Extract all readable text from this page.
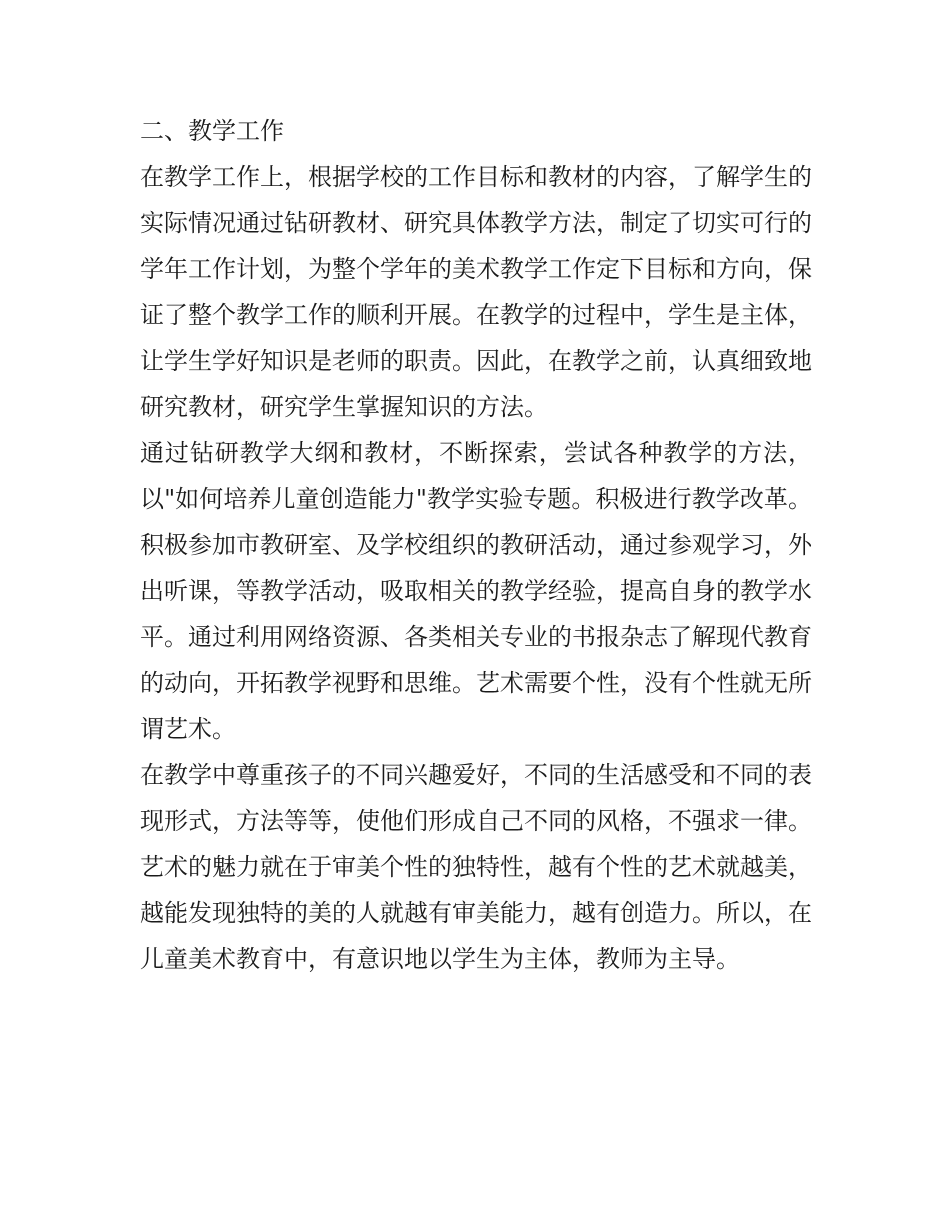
二、教学工作

在教学工作上，根据学校的工作目标和教材的内容，了解学生的实际情况通过钻研教材、研究具体教学方法，制定了切实可行的学年工作计划，为整个学年的美术教学工作定下目标和方向，保证了整个教学工作的顺利开展。在教学的过程中，学生是主体，让学生学好知识是老师的职责。因此，在教学之前，认真细致地研究教材，研究学生掌握知识的方法。

通过钻研教学大纲和教材，不断探索，尝试各种教学的方法，以"如何培养儿童创造能力"教学实验专题。积极进行教学改革。积极参加市教研室、及学校组织的教研活动，通过参观学习，外出听课，等教学活动，吸取相关的教学经验，提高自身的教学水平。通过利用网络资源、各类相关专业的书报杂志了解现代教育的动向，开拓教学视野和思维。艺术需要个性，没有个性就无所谓艺术。

在教学中尊重孩子的不同兴趣爱好，不同的生活感受和不同的表现形式，方法等等，使他们形成自己不同的风格，不强求一律。艺术的魅力就在于审美个性的独特性，越有个性的艺术就越美，越能发现独特的美的人就越有审美能力，越有创造力。所以，在儿童美术教育中，有意识地以学生为主体，教师为主导。
